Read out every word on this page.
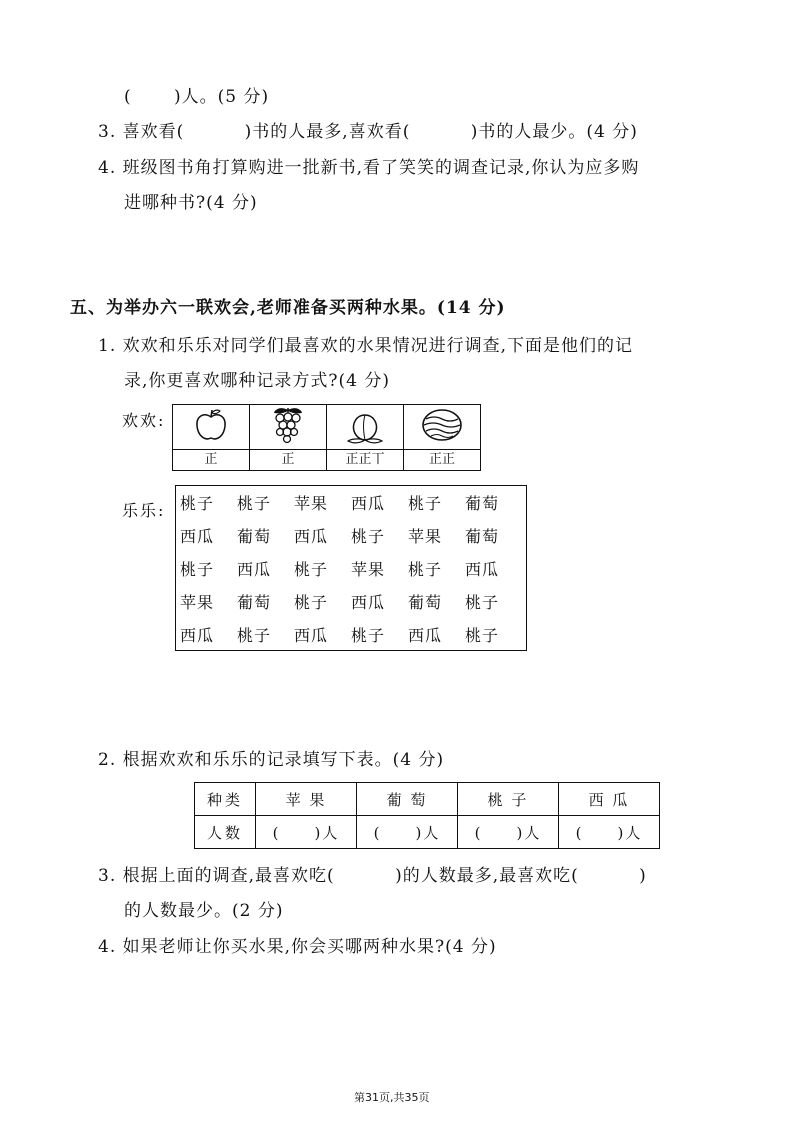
(　　 )人。(5 分)
3. 喜欢看(　　　 )书的人最多,喜欢看(　　　 )书的人最少。(4 分)
4. 班级图书角打算购进一批新书,看了笑笑的调查记录,你认为应多购
进哪种书?(4 分)
五、为举办六一联欢会,老师准备买两种水果。(14 分)
1. 欢欢和乐乐对同学们最喜欢的水果情况进行调查,下面是他们的记
录,你更喜欢哪种记录方式?(4 分)
欢欢:

正	正	正正丅	正正
乐乐: 桃子	桃子	苹果	西瓜	桃子	葡萄
西瓜	葡萄	西瓜	桃子	苹果	葡萄
桃子	西瓜	桃子	苹果	桃子	西瓜
苹果	葡萄	桃子	西瓜	葡萄	桃子
西瓜	桃子	西瓜	桃子	西瓜	桃子
2. 根据欢欢和乐乐的记录填写下表。(4 分)
种类	苹 果	葡 萄	桃 子	西 瓜
人数	(　　)人	(　　)人	(　　)人	(　　)人
3. 根据上面的调查,最喜欢吃(　　　 )的人数最多,最喜欢吃(　　　 )
的人数最少。(2 分)
4. 如果老师让你买水果,你会买哪两种水果?(4 分)
第31页,共35页
